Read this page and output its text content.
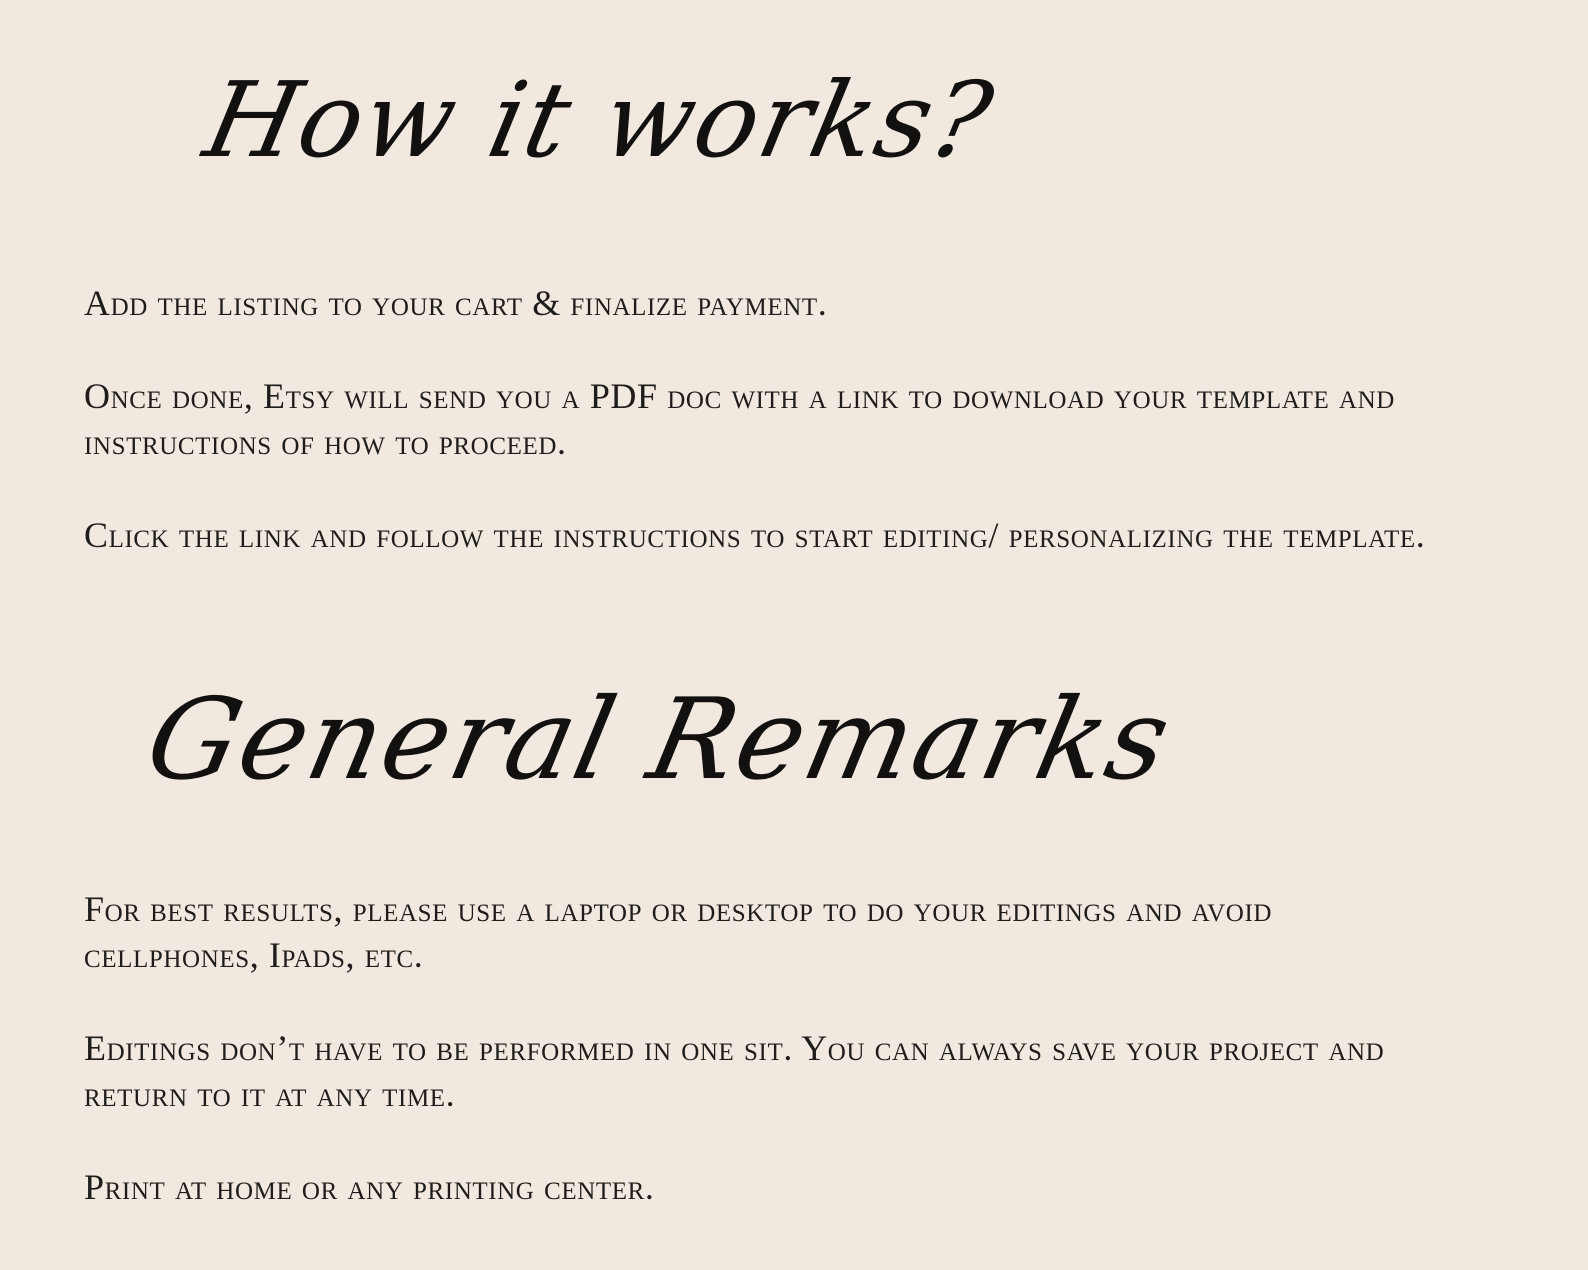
How it works?

Add the listing to your cart & finalize payment.

Once done, Etsy will send you a PDF doc with a link to download your template and
instructions of how to proceed.

Click the link and follow the instructions to start editing/ personalizing the template.

General Remarks

For best results, please use a laptop or desktop to do your editings and avoid
cellphones, Ipads, etc.

Editings don’t have to be performed in one sit. You can always save your project and
return to it at any time.

Print at home or any printing center.
